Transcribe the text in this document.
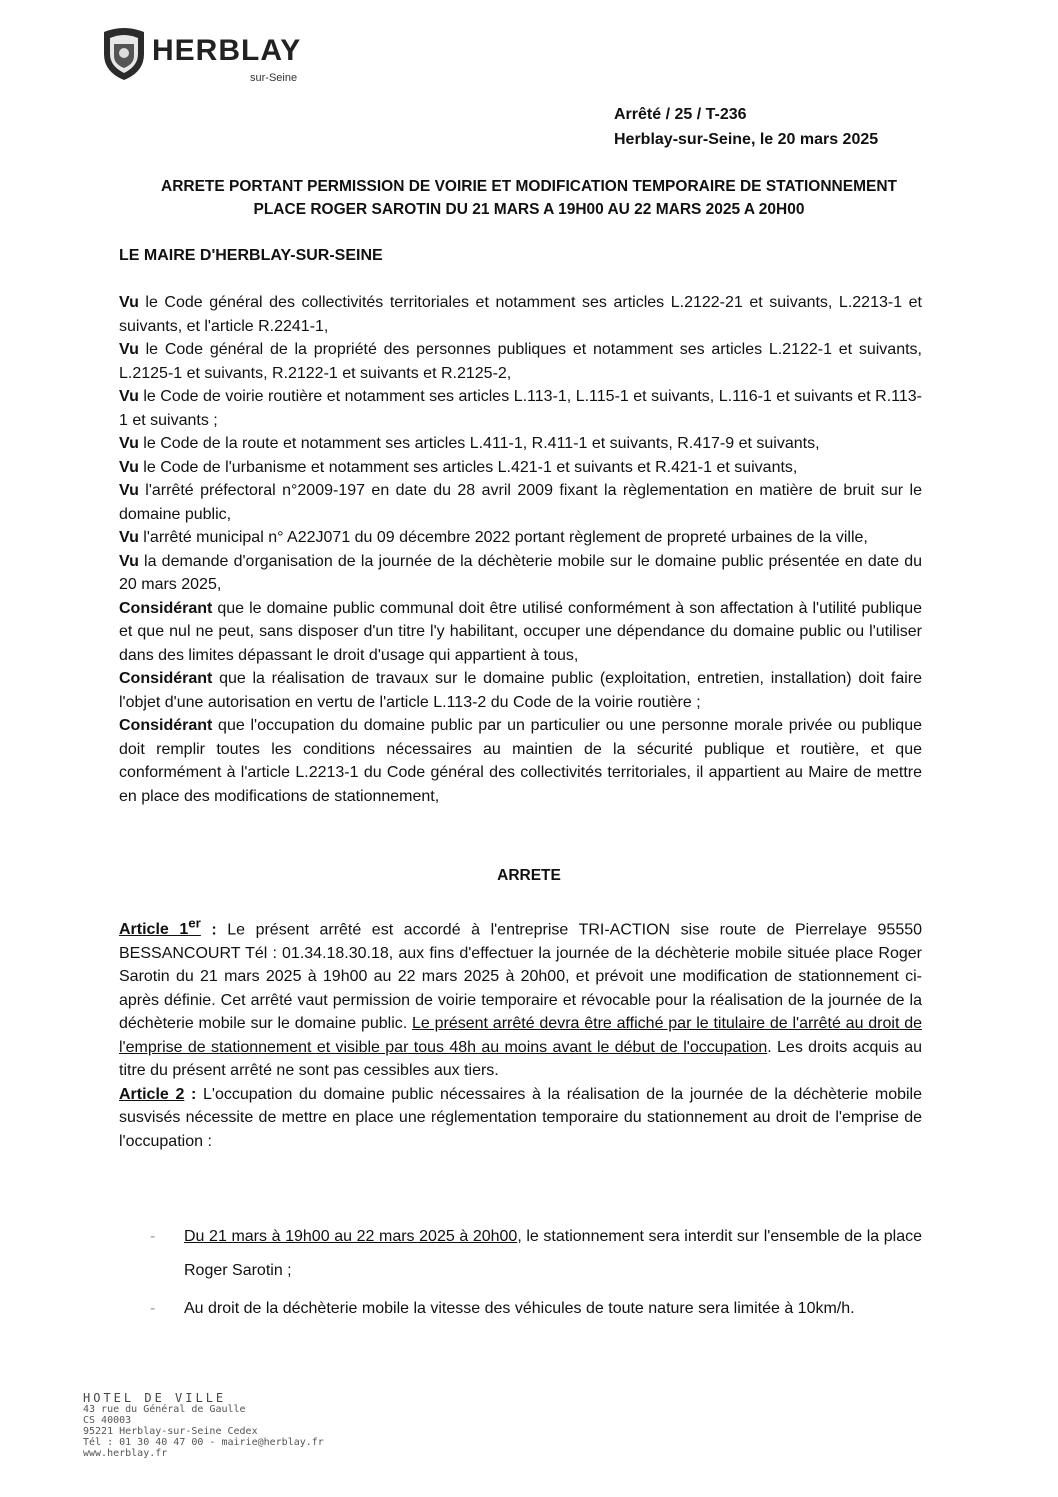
HERBLAY
sur-Seine
Arrêté / 25 / T-236
Herblay-sur-Seine, le 20 mars 2025
ARRETE PORTANT PERMISSION DE VOIRIE ET MODIFICATION TEMPORAIRE DE STATIONNEMENT
PLACE ROGER SAROTIN DU 21 MARS A 19H00 AU 22 MARS 2025 A 20H00
LE MAIRE D'HERBLAY-SUR-SEINE

Vu le Code général des collectivités territoriales et notamment ses articles L.2122-21 et suivants, L.2213-1 et suivants, et l'article R.2241-1,

Vu le Code général de la propriété des personnes publiques et notamment ses articles L.2122-1 et suivants, L.2125-1 et suivants, R.2122-1 et suivants et R.2125-2,

Vu le Code de voirie routière et notamment ses articles L.113-1, L.115-1 et suivants, L.116-1 et suivants et R.113-1 et suivants ;

Vu le Code de la route et notamment ses articles L.411-1, R.411-1 et suivants, R.417-9 et suivants,

Vu le Code de l'urbanisme et notamment ses articles L.421-1 et suivants et R.421-1 et suivants,

Vu l'arrêté préfectoral n°2009-197 en date du 28 avril 2009 fixant la règlementation en matière de bruit sur le domaine public,

Vu l'arrêté municipal n° A22J071 du 09 décembre 2022 portant règlement de propreté urbaines de la ville,

Vu la demande d'organisation de la journée de la déchèterie mobile sur le domaine public présentée en date du 20 mars 2025,

Considérant que le domaine public communal doit être utilisé conformément à son affectation à l'utilité publique et que nul ne peut, sans disposer d'un titre l'y habilitant, occuper une dépendance du domaine public ou l'utiliser dans des limites dépassant le droit d'usage qui appartient à tous,

Considérant que la réalisation de travaux sur le domaine public (exploitation, entretien, installation) doit faire l'objet d'une autorisation en vertu de l'article L.113-2 du Code de la voirie routière ;

Considérant que l'occupation du domaine public par un particulier ou une personne morale privée ou publique doit remplir toutes les conditions nécessaires au maintien de la sécurité publique et routière, et que conformément à l'article L.2213-1 du Code général des collectivités territoriales, il appartient au Maire de mettre en place des modifications de stationnement,

ARRETE

Article 1er : Le présent arrêté est accordé à l'entreprise TRI-ACTION sise route de Pierrelaye 95550 BESSANCOURT Tél : 01.34.18.30.18, aux fins d'effectuer la journée de la déchèterie mobile située place Roger Sarotin du 21 mars 2025 à 19h00 au 22 mars 2025 à 20h00, et prévoit une modification de stationnement ci-après définie. Cet arrêté vaut permission de voirie temporaire et révocable pour la réalisation de la journée de la déchèterie mobile sur le domaine public. Le présent arrêté devra être affiché par le titulaire de l'arrêté au droit de l'emprise de stationnement et visible par tous 48h au moins avant le début de l'occupation. Les droits acquis au titre du présent arrêté ne sont pas cessibles aux tiers.

Article 2 : L'occupation du domaine public nécessaires à la réalisation de la journée de la déchèterie mobile susvisés nécessite de mettre en place une réglementation temporaire du stationnement au droit de l'emprise de l'occupation :

- Du 21 mars à 19h00 au 22 mars 2025 à 20h00, le stationnement sera interdit sur l'ensemble de la place Roger Sarotin ;
- Au droit de la déchèterie mobile la vitesse des véhicules de toute nature sera limitée à 10km/h.
HOTEL DE VILLE
43 rue du Général de Gaulle
CS 40003
95221 Herblay-sur-Seine Cedex
Tél : 01 30 40 47 00 - mairie@herblay.fr
www.herblay.fr
